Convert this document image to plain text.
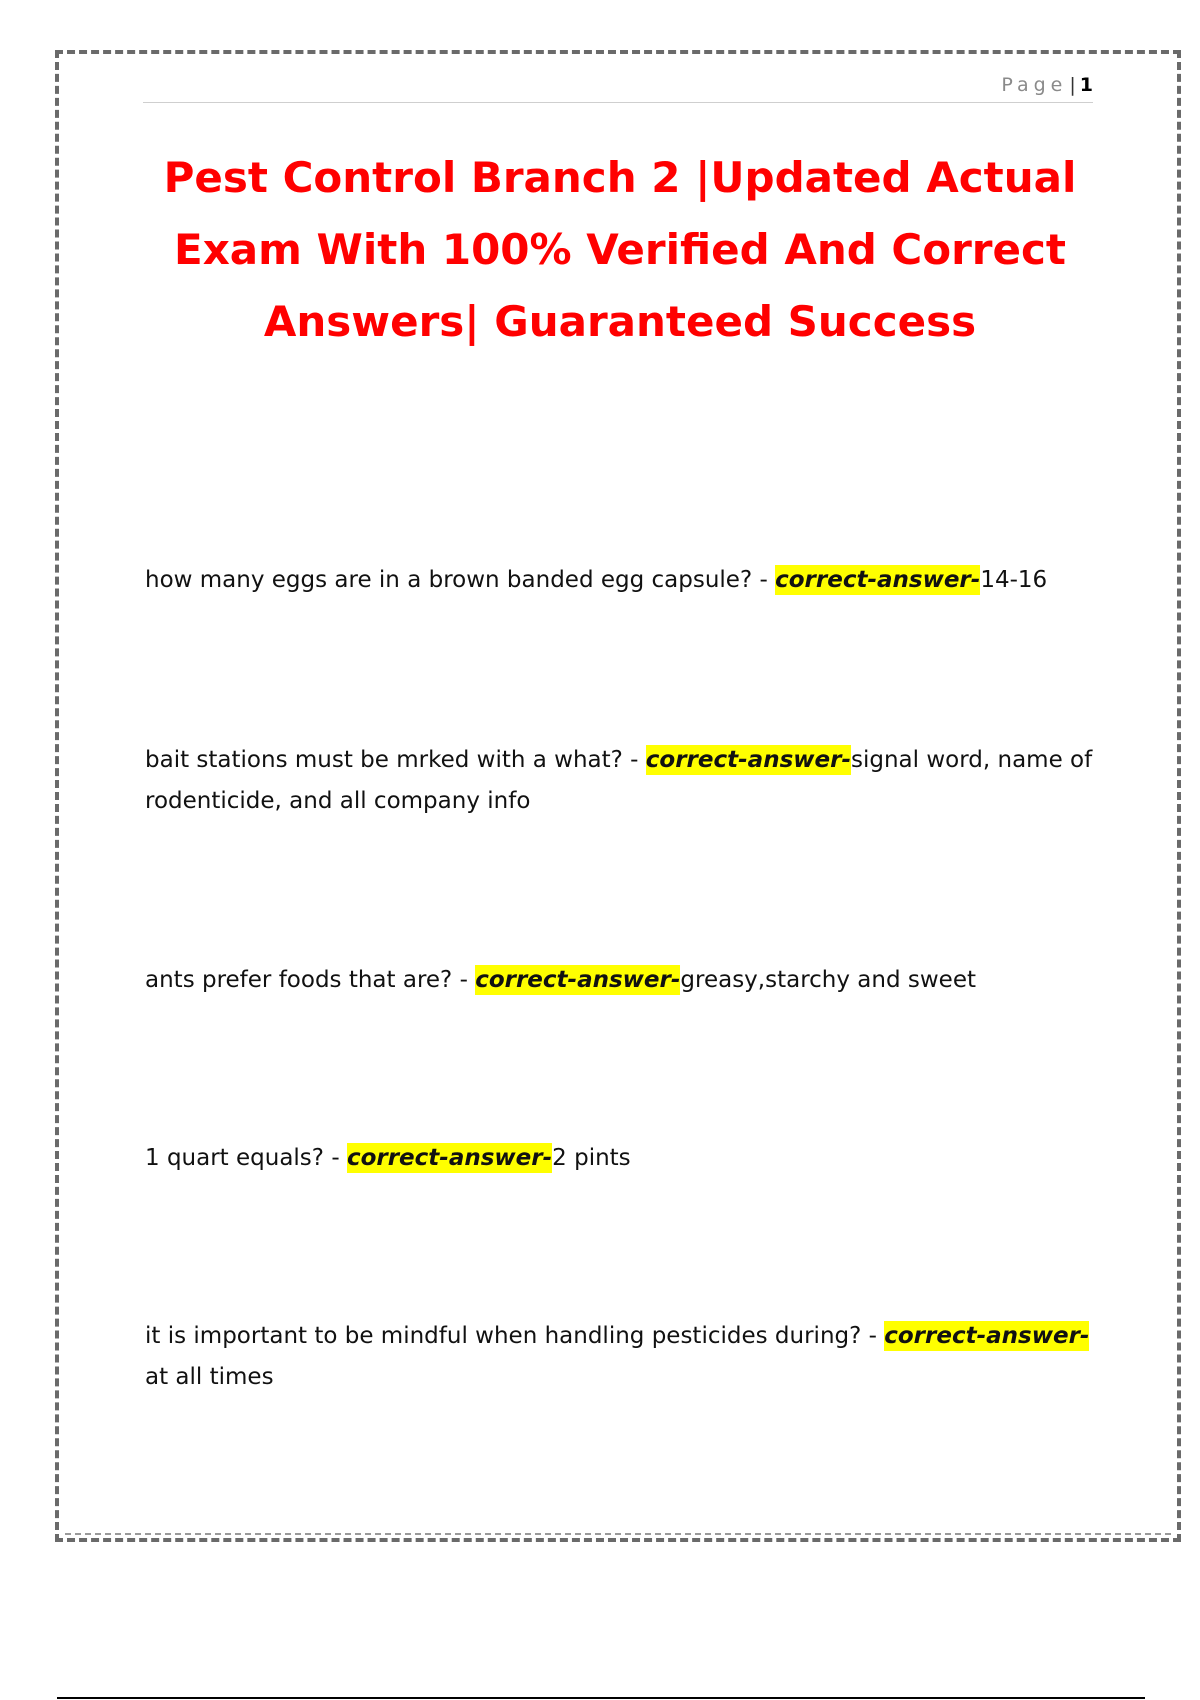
Page | 1
Pest Control Branch 2 |Updated Actual Exam With 100% Verified And Correct Answers| Guaranteed Success

how many eggs are in a brown banded egg capsule? - correct-answer-14-16

bait stations must be mrked with a what? - correct-answer-signal word, name of rodenticide, and all company info

ants prefer foods that are? - correct-answer-greasy,starchy and sweet

1 quart equals? - correct-answer-2 pints

it is important to be mindful when handling pesticides during? - correct-answer-at all times
